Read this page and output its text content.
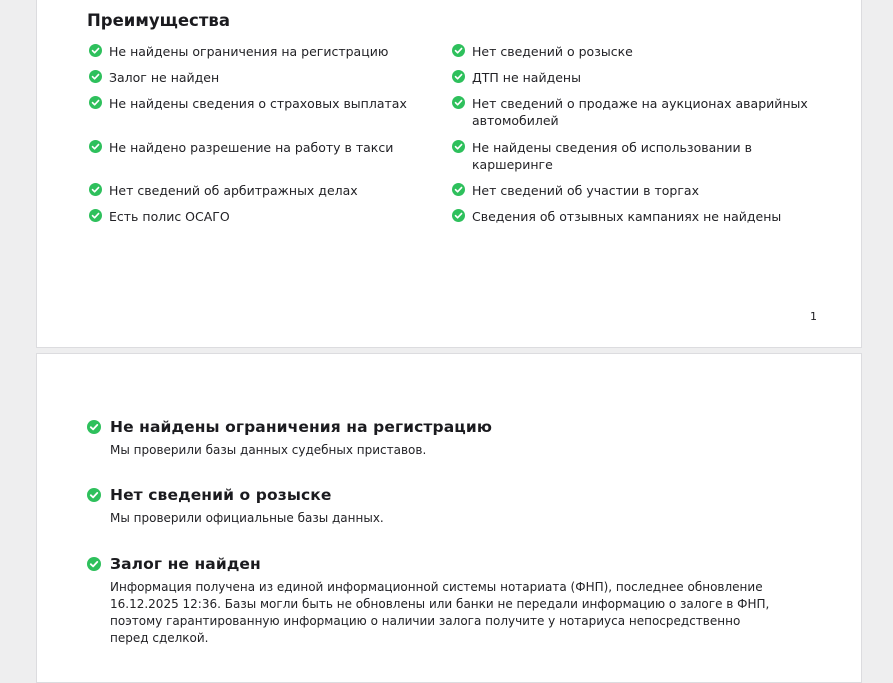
Преимущества
Не найдены ограничения на регистрацию	Нет сведений о розыске
Залог не найден	ДТП не найдены
Не найдены сведения о страховых выплатах	Нет сведений о продаже на аукционах аварийных автомобилей
Не найдено разрешение на работу в такси	Не найдены сведения об использовании в каршеринге
Нет сведений об арбитражных делах	Нет сведений об участии в торгах
Есть полис ОСАГО	Сведения об отзывных кампаниях не найдены
1
Не найдены ограничения на регистрацию

Мы проверили базы данных судебных приставов.

Нет сведений о розыске

Мы проверили официальные базы данных.

Залог не найден

Информация получена из единой информационной системы нотариата (ФНП), последнее обновление 16.12.2025 12:36. Базы могли быть не обновлены или банки не передали информацию о залоге в ФНП, поэтому гарантированную информацию о наличии залога получите у нотариуса непосредственно перед сделкой.
